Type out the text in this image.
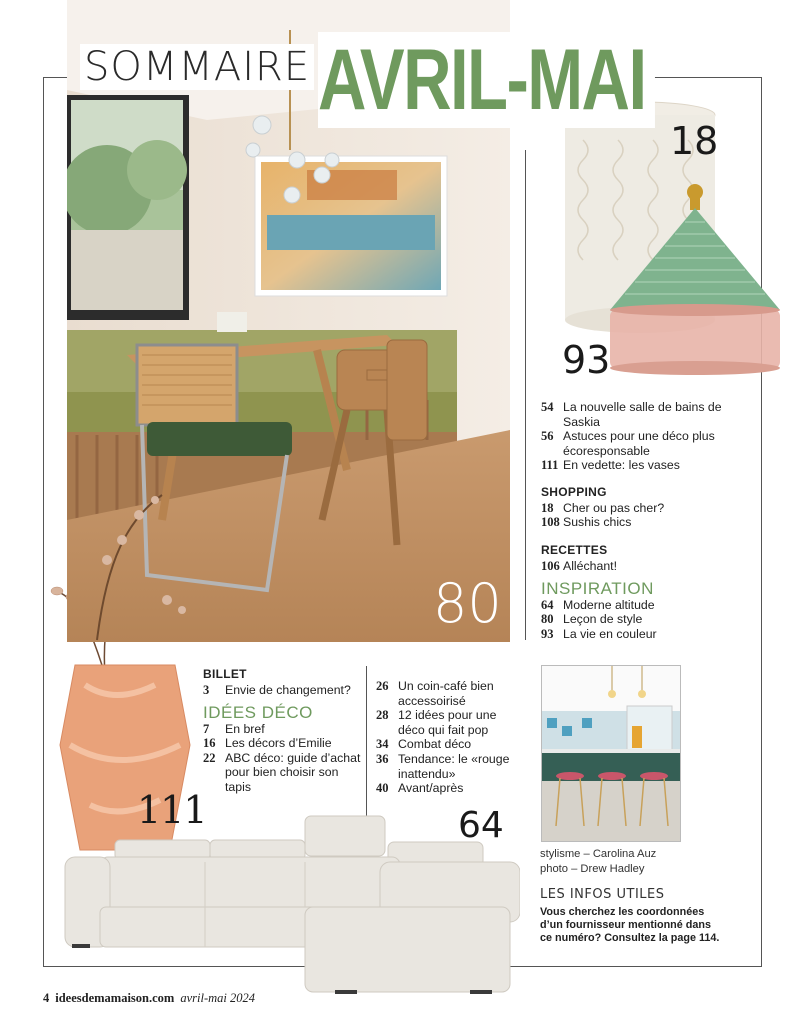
80
SOMMAIRE AVRIL-MAI
18
93
54 La nouvelle salle de bains de Saskia
56 Astuces pour une déco plus écoresponsable
111 En vedette: les vases
SHOPPING
18 Cher ou pas cher?
108 Sushis chics
RECETTES
106 Alléchant!
INSPIRATION
64 Moderne altitude
80 Leçon de style
93 La vie en couleur
stylisme – Carolina Auz
photo – Drew Hadley
LES INFOS UTILES
Vous cherchez les coordonnées d’un fournisseur mentionné dans ce numéro? Consultez la page 114.
111	64
BILLET
3	Envie de changement?
IDÉES DÉCO
7	En bref
16 Les décors d’Emilie
22 ABC déco: guide d’achat pour bien choisir son tapis
26 Un coin-café bien accessoirisé
28 12 idées pour une déco qui fait pop
34 Combat déco
36 Tendance: le «rouge inattendu»
40 Avant/après
4 ideesdemamaison.com avril-mai 2024
